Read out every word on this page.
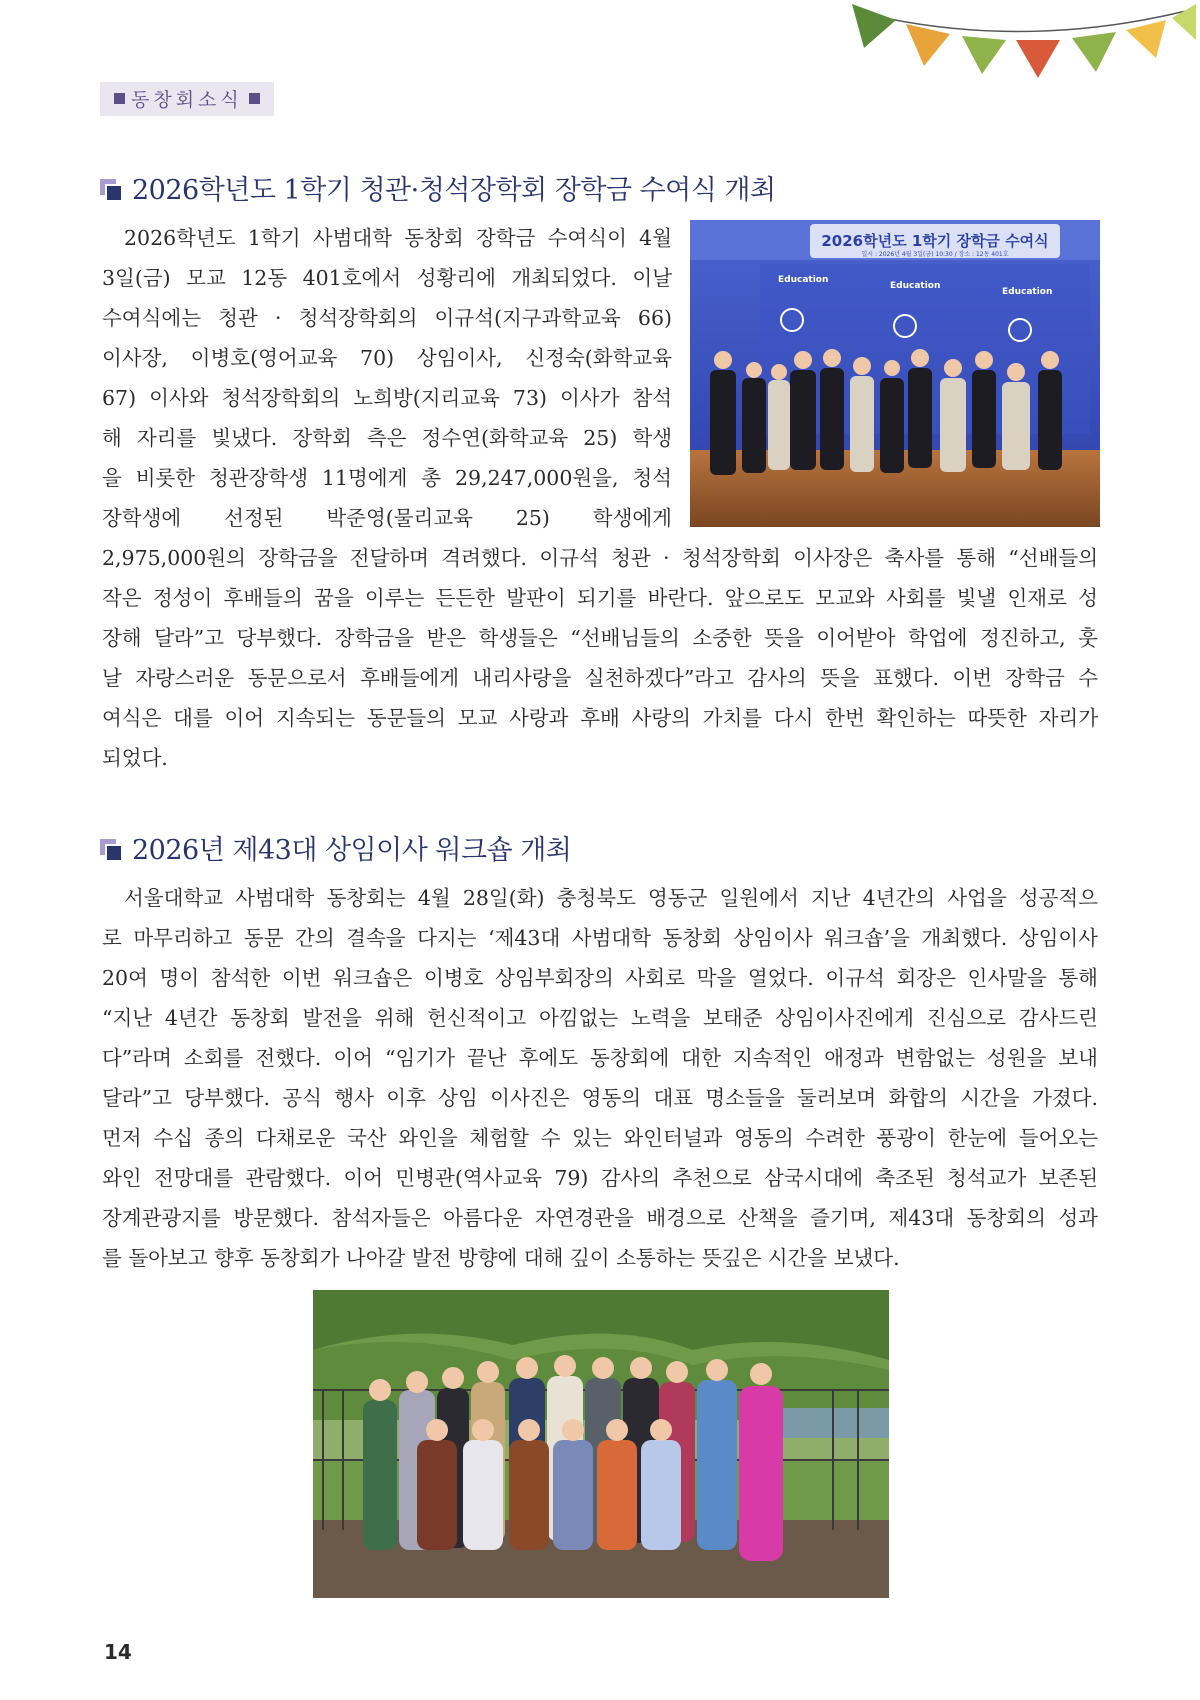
동창회소식
2026학년도 1학기 청관·청석장학회 장학금 수여식 개최
2026학년도 1학기 사범대학 동창회 장학금 수여식이 4월
3일(금) 모교 12동 401호에서 성황리에 개최되었다. 이날
수여식에는 청관 · 청석장학회의 이규석(지구과학교육 66)
이사장, 이병호(영어교육 70) 상임이사, 신정숙(화학교육
67) 이사와 청석장학회의 노희방(지리교육 73) 이사가 참석
해 자리를 빛냈다. 장학회 측은 정수연(화학교육 25) 학생
을 비롯한 청관장학생 11명에게 총 29,247,000원을, 청석
장학생에 선정된 박준영(물리교육 25) 학생에게
2,975,000원의 장학금을 전달하며 격려했다. 이규석 청관 · 청석장학회 이사장은 축사를 통해 “선배들의
작은 정성이 후배들의 꿈을 이루는 든든한 발판이 되기를 바란다. 앞으로도 모교와 사회를 빛낼 인재로 성
장해 달라”고 당부했다. 장학금을 받은 학생들은 “선배님들의 소중한 뜻을 이어받아 학업에 정진하고, 훗
날 자랑스러운 동문으로서 후배들에게 내리사랑을 실천하겠다”라고 감사의 뜻을 표했다. 이번 장학금 수
여식은 대를 이어 지속되는 동문들의 모교 사랑과 후배 사랑의 가치를 다시 한번 확인하는 따뜻한 자리가
되었다.
2026학년도 1학기 장학금 수여식
일시 : 2026년 4월 3일(금) 10:30 / 장소 : 12동 401호
Education
Education
Education
2026년 제43대 상임이사 워크숍 개최
서울대학교 사범대학 동창회는 4월 28일(화) 충청북도 영동군 일원에서 지난 4년간의 사업을 성공적으
로 마무리하고 동문 간의 결속을 다지는 ‘제43대 사범대학 동창회 상임이사 워크숍’을 개최했다. 상임이사
20여 명이 참석한 이번 워크숍은 이병호 상임부회장의 사회로 막을 열었다. 이규석 회장은 인사말을 통해
“지난 4년간 동창회 발전을 위해 헌신적이고 아낌없는 노력을 보태준 상임이사진에게 진심으로 감사드린
다”라며 소회를 전했다. 이어 “임기가 끝난 후에도 동창회에 대한 지속적인 애정과 변함없는 성원을 보내
달라”고 당부했다. 공식 행사 이후 상임 이사진은 영동의 대표 명소들을 둘러보며 화합의 시간을 가졌다.
먼저 수십 종의 다채로운 국산 와인을 체험할 수 있는 와인터널과 영동의 수려한 풍광이 한눈에 들어오는
와인 전망대를 관람했다. 이어 민병관(역사교육 79) 감사의 추천으로 삼국시대에 축조된 청석교가 보존된
장계관광지를 방문했다. 참석자들은 아름다운 자연경관을 배경으로 산책을 즐기며, 제43대 동창회의 성과
를 돌아보고 향후 동창회가 나아갈 발전 방향에 대해 깊이 소통하는 뜻깊은 시간을 보냈다.
14
